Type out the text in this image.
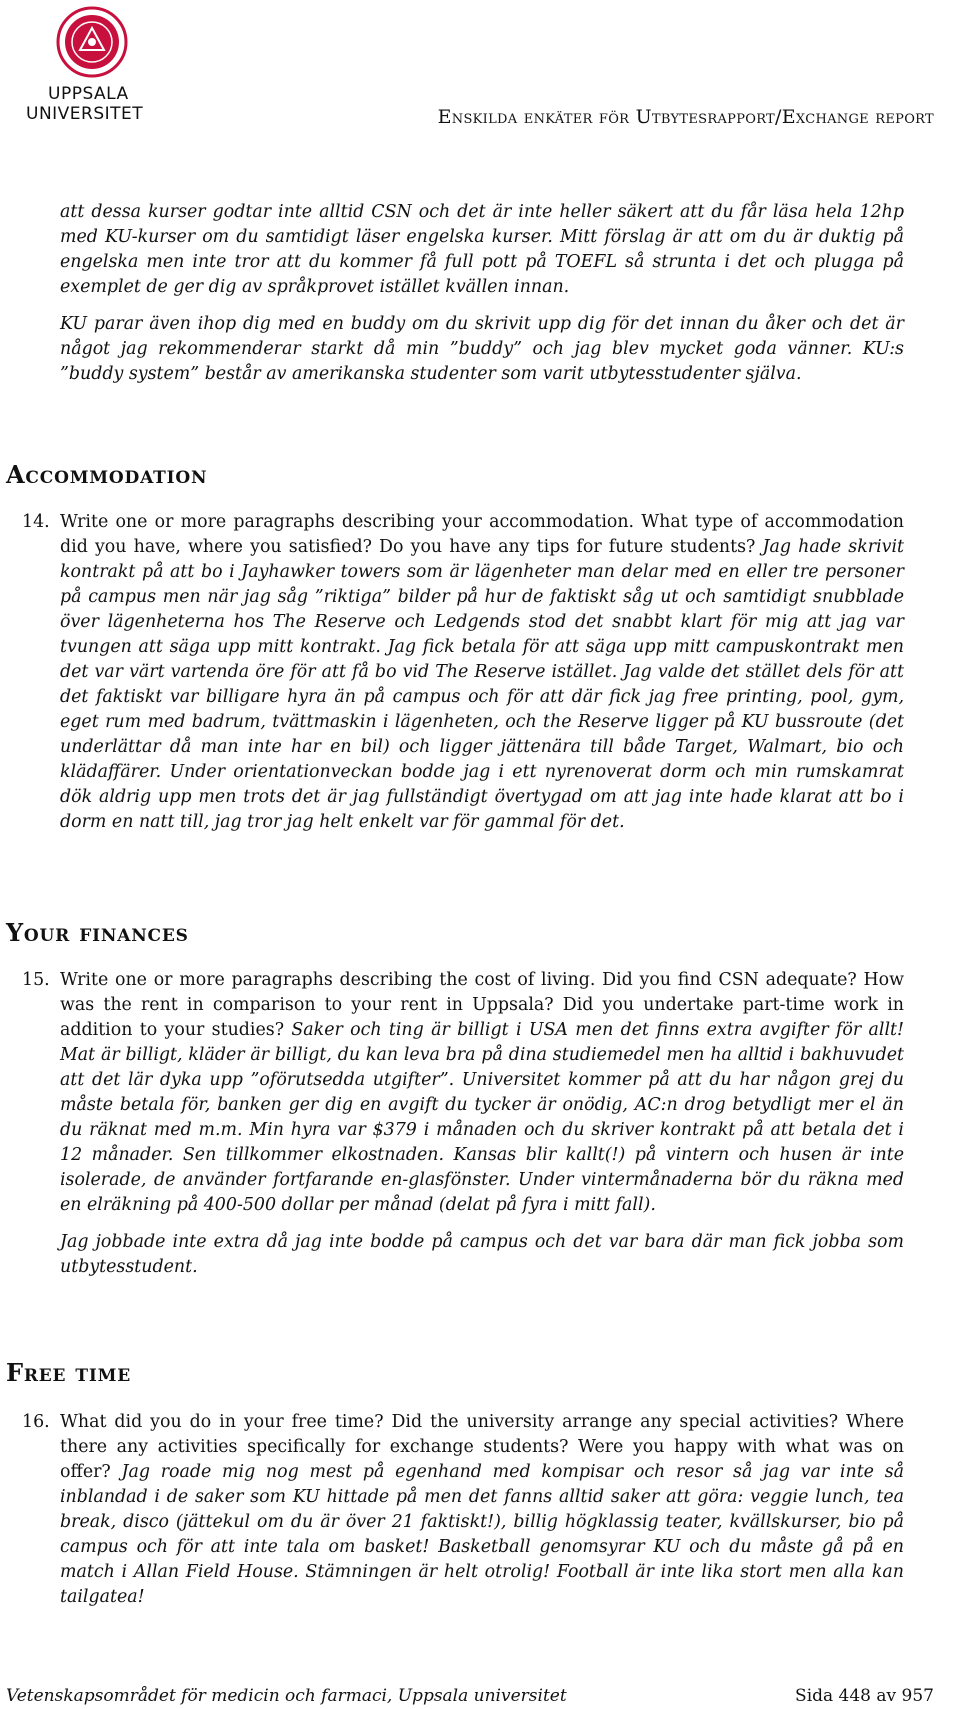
UPPSALA
UNIVERSITET	Enskilda enkäter för Utbytesrapport/Exchange report

att dessa kurser godtar inte alltid CSN och det är inte heller säkert att du får läsa hela 12hp med KU-kurser om du samtidigt läser engelska kurser. Mitt förslag är att om du är duktig på engelska men inte tror att du kommer få full pott på TOEFL så strunta i det och plugga på exemplet de ger dig av språkprovet istället kvällen innan.

KU parar även ihop dig med en buddy om du skrivit upp dig för det innan du åker och det är något jag rekommenderar starkt då min ”buddy” och jag blev mycket goda vänner. KU:s ”buddy system” består av amerikanska studenter som varit utbytesstudenter själva.

Accommodation
14. Write one or more paragraphs describing your accommodation. What type of accommodation did you have, where you satisfied? Do you have any tips for future students? Jag hade skrivit kontrakt på att bo i Jayhawker towers som är lägenheter man delar med en eller tre personer på campus men när jag såg ”riktiga” bilder på hur de faktiskt såg ut och samtidigt snubblade över lägenheterna hos The Reserve och Ledgends stod det snabbt klart för mig att jag var tvungen att säga upp mitt kontrakt. Jag fick betala för att säga upp mitt campuskontrakt men det var värt vartenda öre för att få bo vid The Reserve istället. Jag valde det stället dels för att det faktiskt var billigare hyra än på campus och för att där fick jag free printing, pool, gym, eget rum med badrum, tvättmaskin i lägenheten, och the Reserve ligger på KU bussroute (det underlättar då man inte har en bil) och ligger jättenära till både Target, Walmart, bio och klädaffärer. Under orientationveckan bodde jag i ett nyrenoverat dorm och min rumskamrat dök aldrig upp men trots det är jag fullständigt övertygad om att jag inte hade klarat att bo i dorm en natt till, jag tror jag helt enkelt var för gammal för det.

Your finances
15. Write one or more paragraphs describing the cost of living. Did you find CSN adequate? How was the rent in comparison to your rent in Uppsala? Did you undertake part-time work in addition to your studies? Saker och ting är billigt i USA men det finns extra avgifter för allt! Mat är billigt, kläder är billigt, du kan leva bra på dina studiemedel men ha alltid i bakhuvudet att det lär dyka upp ”oförutsedda utgifter”. Universitet kommer på att du har någon grej du måste betala för, banken ger dig en avgift du tycker är onödig, AC:n drog betydligt mer el än du räknat med m.m. Min hyra var $379 i månaden och du skriver kontrakt på att betala det i 12 månader. Sen tillkommer elkostnaden. Kansas blir kallt(!) på vintern och husen är inte isolerade, de använder fortfarande en-glasfönster. Under vintermånaderna bör du räkna med en elräkning på 400-500 dollar per månad (delat på fyra i mitt fall).

Jag jobbade inte extra då jag inte bodde på campus och det var bara där man fick jobba som utbytesstudent.

Free time
16. What did you do in your free time? Did the university arrange any special activities? Where there any activities specifically for exchange students? Were you happy with what was on offer? Jag roade mig nog mest på egenhand med kompisar och resor så jag var inte så inblandad i de saker som KU hittade på men det fanns alltid saker att göra: veggie lunch, tea break, disco (jättekul om du är över 21 faktiskt!), billig högklassig teater, kvällskurser, bio på campus och för att inte tala om basket! Basketball genomsyrar KU och du måste gå på en match i Allan Field House. Stämningen är helt otrolig! Football är inte lika stort men alla kan tailgatea!

Vetenskapsområdet för medicin och farmaci, Uppsala universitet	Sida 448 av 957
